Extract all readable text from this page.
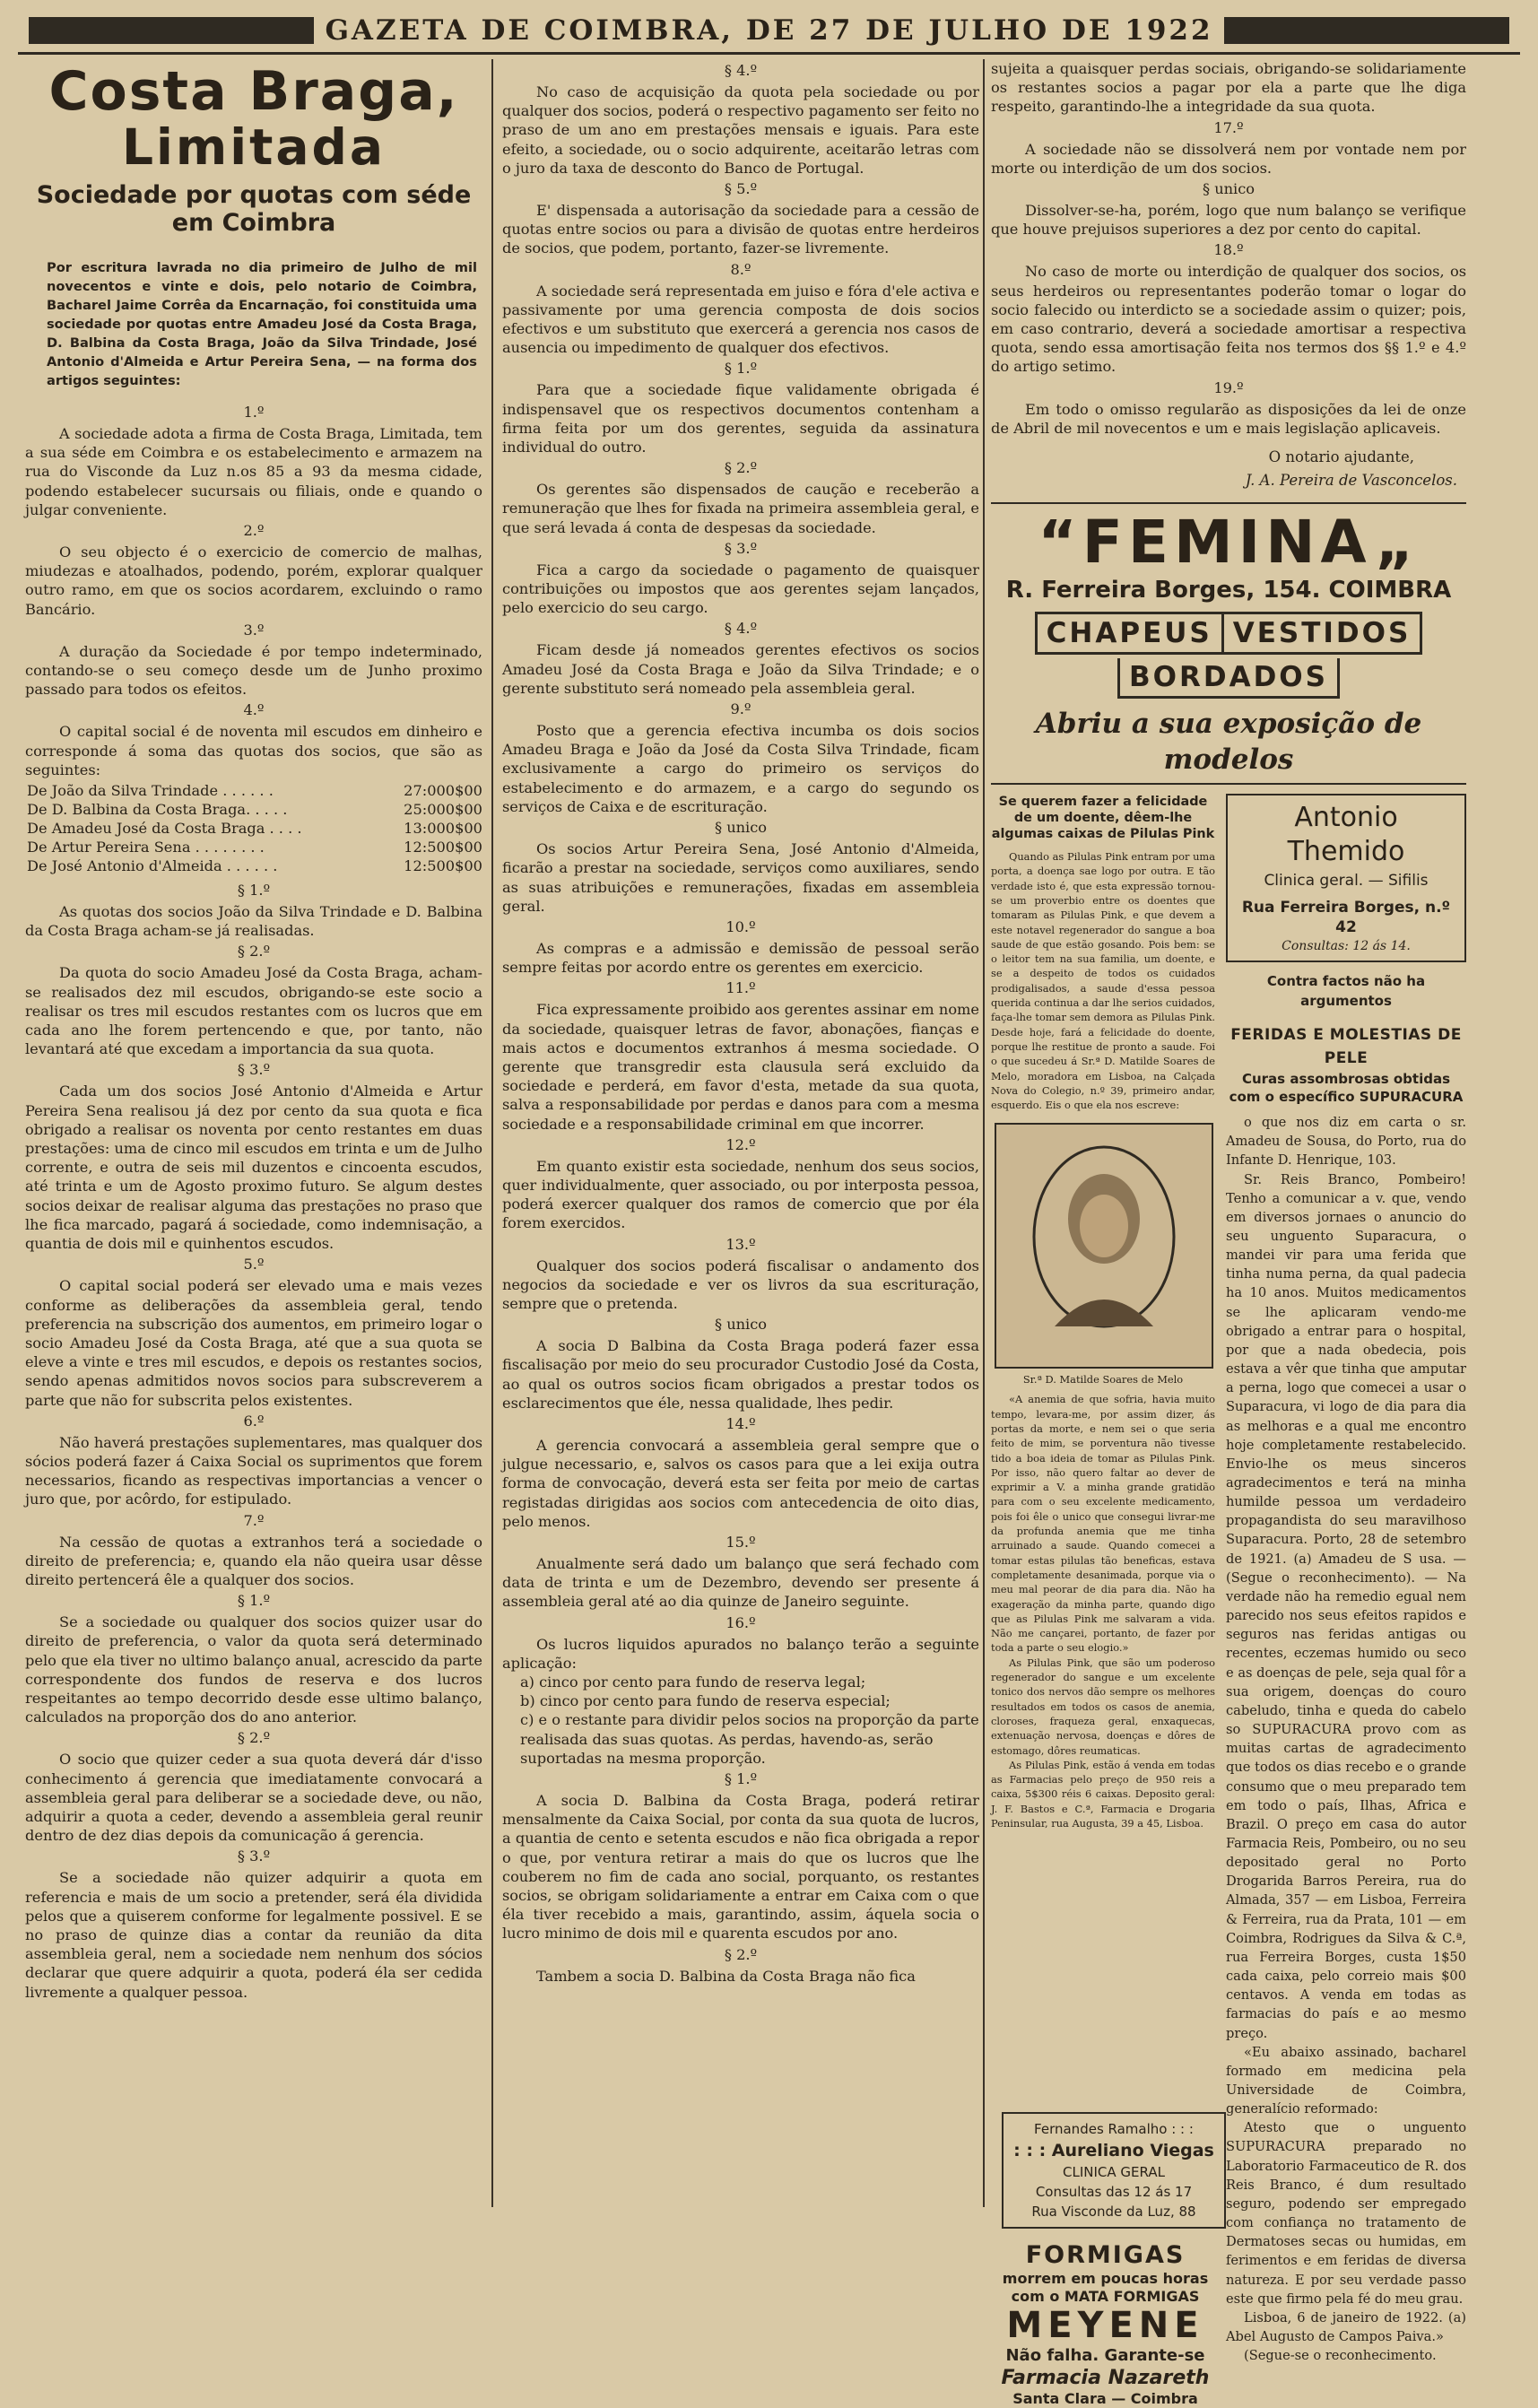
GAZETA DE COIMBRA, DE 27 DE JULHO DE 1922

Costa Braga,

Limitada

Sociedade por quotas com séde

em Coimbra

Por escritura lavrada no dia primeiro de Julho de mil novecentos e vinte e dois, pelo notario de Coimbra, Bacharel Jaime Corrêa da Encarnação, foi constituida uma sociedade por quotas entre Amadeu José da Costa Braga, D. Balbina da Costa Braga, João da Silva Trindade, José Antonio d'Almeida e Artur Pereira Sena, — na forma dos artigos seguintes:

1.º

A sociedade adota a firma de Costa Braga, Limitada, tem a sua séde em Coimbra e os estabelecimento e armazem na rua do Visconde da Luz n.os 85 a 93 da mesma cidade, podendo estabelecer sucursais ou filiais, onde e quando o julgar conveniente.

2.º

O seu objecto é o exercicio de comercio de malhas, miudezas e atoalhados, podendo, porém, explorar qualquer outro ramo, em que os socios acordarem, excluindo o ramo Bancário.

3.º

A duração da Sociedade é por tempo indeterminado, contando-se o seu começo desde um de Junho proximo passado para todos os efeitos.

4.º

O capital social é de noventa mil escudos em dinheiro e corresponde á soma das quotas dos socios, que são as seguintes:

De João da Silva Trindade . . . . . .	27:000$00
De D. Balbina da Costa Braga. . . . .	25:000$00
De Amadeu José da Costa Braga . . . .	13:000$00
De Artur Pereira Sena . . . . . . . .	12:500$00
De José Antonio d'Almeida . . . . . .	12:500$00

§ 1.º

As quotas dos socios João da Silva Trindade e D. Balbina da Costa Braga acham-se já realisadas.

§ 2.º

Da quota do socio Amadeu José da Costa Braga, acham-se realisados dez mil escudos, obrigando-se este socio a realisar os tres mil escudos restantes com os lucros que em cada ano lhe forem pertencendo e que, por tanto, não levantará até que excedam a importancia da sua quota.

§ 3.º

Cada um dos socios José Antonio d'Almeida e Artur Pereira Sena realisou já dez por cento da sua quota e fica obrigado a realisar os noventa por cento restantes em duas prestações: uma de cinco mil escudos em trinta e um de Julho corrente, e outra de seis mil duzentos e cincoenta escudos, até trinta e um de Agosto proximo futuro. Se algum destes socios deixar de realisar alguma das prestações no praso que lhe fica marcado, pagará á sociedade, como indemnisação, a quantia de dois mil e quinhentos escudos.

5.º

O capital social poderá ser elevado uma e mais vezes conforme as deliberações da assembleia geral, tendo preferencia na subscrição dos aumentos, em primeiro logar o socio Amadeu José da Costa Braga, até que a sua quota se eleve a vinte e tres mil escudos, e depois os restantes socios, sendo apenas admitidos novos socios para subscreverem a parte que não for subscrita pelos existentes.

6.º

Não haverá prestações suplementares, mas qualquer dos sócios poderá fazer á Caixa Social os suprimentos que forem necessarios, ficando as respectivas importancias a vencer o juro que, por acôrdo, for estipulado.

7.º

Na cessão de quotas a extranhos terá a sociedade o direito de preferencia; e, quando ela não queira usar dêsse direito pertencerá êle a qualquer dos socios.

§ 1.º

Se a sociedade ou qualquer dos socios quizer usar do direito de preferencia, o valor da quota será determinado pelo que ela tiver no ultimo balanço anual, acrescido da parte correspondente dos fundos de reserva e dos lucros respeitantes ao tempo decorrido desde esse ultimo balanço, calculados na proporção dos do ano anterior.

§ 2.º

O socio que quizer ceder a sua quota deverá dár d'isso conhecimento á gerencia que imediatamente convocará a assembleia geral para deliberar se a sociedade deve, ou não, adquirir a quota a ceder, devendo a assembleia geral reunir dentro de dez dias depois da comunicação á gerencia.

§ 3.º

Se a sociedade não quizer adquirir a quota em referencia e mais de um socio a pretender, será éla dividida pelos que a quiserem conforme for legalmente possivel. E se no praso de quinze dias a contar da reunião da dita assembleia geral, nem a sociedade nem nenhum dos sócios declarar que quere adquirir a quota, poderá éla ser cedida livremente a qualquer pessoa.

§ 4.º

No caso de acquisição da quota pela sociedade ou por qualquer dos socios, poderá o respectivo pagamento ser feito no praso de um ano em prestações mensais e iguais. Para este efeito, a sociedade, ou o socio adquirente, aceitarão letras com o juro da taxa de desconto do Banco de Portugal.

§ 5.º

E' dispensada a autorisação da sociedade para a cessão de quotas entre socios ou para a divisão de quotas entre herdeiros de socios, que podem, portanto, fazer-se livremente.

8.º

A sociedade será representada em juiso e fóra d'ele activa e passivamente por uma gerencia composta de dois socios efectivos e um substituto que exercerá a gerencia nos casos de ausencia ou impedimento de qualquer dos efectivos.

§ 1.º

Para que a sociedade fique validamente obrigada é indispensavel que os respectivos documentos contenham a firma feita por um dos gerentes, seguida da assinatura individual do outro.

§ 2.º

Os gerentes são dispensados de caução e receberão a remuneração que lhes for fixada na primeira assembleia geral, e que será levada á conta de despesas da sociedade.

§ 3.º

Fica a cargo da sociedade o pagamento de quaisquer contribuições ou impostos que aos gerentes sejam lançados, pelo exercicio do seu cargo.

§ 4.º

Ficam desde já nomeados gerentes efectivos os socios Amadeu José da Costa Braga e João da Silva Trindade; e o gerente substituto será nomeado pela assembleia geral.

9.º

Posto que a gerencia efectiva incumba os dois socios Amadeu Braga e João da José da Costa Silva Trindade, ficam exclusivamente a cargo do primeiro os serviços do estabelecimento e do armazem, e a cargo do segundo os serviços de Caixa e de escrituração.

§ unico

Os socios Artur Pereira Sena, José Antonio d'Almeida, ficarão a prestar na sociedade, serviços como auxiliares, sendo as suas atribuições e remunerações, fixadas em assembleia geral.

10.º

As compras e a admissão e demissão de pessoal serão sempre feitas por acordo entre os gerentes em exercicio.

11.º

Fica expressamente proibido aos gerentes assinar em nome da sociedade, quaisquer letras de favor, abonações, fianças e mais actos e documentos extranhos á mesma sociedade. O gerente que transgredir esta clausula será excluido da sociedade e perderá, em favor d'esta, metade da sua quota, salva a responsabilidade por perdas e danos para com a mesma sociedade e a responsabilidade criminal em que incorrer.

12.º

Em quanto existir esta sociedade, nenhum dos seus socios, quer individualmente, quer associado, ou por interposta pessoa, poderá exercer qualquer dos ramos de comercio que por éla forem exercidos.

13.º

Qualquer dos socios poderá fiscalisar o andamento dos negocios da sociedade e ver os livros da sua escrituração, sempre que o pretenda.

§ unico

A socia D Balbina da Costa Braga poderá fazer essa fiscalisação por meio do seu procurador Custodio José da Costa, ao qual os outros socios ficam obrigados a prestar todos os esclarecimentos que éle, nessa qualidade, lhes pedir.

14.º

A gerencia convocará a assembleia geral sempre que o julgue necessario, e, salvos os casos para que a lei exija outra forma de convocação, deverá esta ser feita por meio de cartas registadas dirigidas aos socios com antecedencia de oito dias, pelo menos.

15.º

Anualmente será dado um balanço que será fechado com data de trinta e um de Dezembro, devendo ser presente á assembleia geral até ao dia quinze de Janeiro seguinte.

16.º

Os lucros liquidos apurados no balanço terão a seguinte aplicação:

a) cinco por cento para fundo de reserva legal;

b) cinco por cento para fundo de reserva especial;

c) e o restante para dividir pelos socios na proporção da parte realisada das suas quotas. As perdas, havendo-as, serão suportadas na mesma proporção.

§ 1.º

A socia D. Balbina da Costa Braga, poderá retirar mensalmente da Caixa Social, por conta da sua quota de lucros, a quantia de cento e setenta escudos e não fica obrigada a repor o que, por ventura retirar a mais do que os lucros que lhe couberem no fim de cada ano social, porquanto, os restantes socios, se obrigam solidariamente a entrar em Caixa com o que éla tiver recebido a mais, garantindo, assim, áquela socia o lucro minimo de dois mil e quarenta escudos por ano.

§ 2.º

Tambem a socia D. Balbina da Costa Braga não fica

sujeita a quaisquer perdas sociais, obrigando-se solidariamente os restantes socios a pagar por ela a parte que lhe diga respeito, garantindo-lhe a integridade da sua quota.

17.º

A sociedade não se dissolverá nem por vontade nem por morte ou interdição de um dos socios.

§ unico

Dissolver-se-ha, porém, logo que num balanço se verifique que houve prejuisos superiores a dez por cento do capital.

18.º

No caso de morte ou interdição de qualquer dos socios, os seus herdeiros ou representantes poderão tomar o logar do socio falecido ou interdicto se a sociedade assim o quizer; pois, em caso contrario, deverá a sociedade amortisar a respectiva quota, sendo essa amortisação feita nos termos dos §§ 1.º e 4.º do artigo setimo.

19.º

Em todo o omisso regularão as disposições da lei de onze de Abril de mil novecentos e um e mais legislação aplicaveis.

O notario ajudante,

J. A. Pereira de Vasconcelos.

“FEMINA„

R. Ferreira Borges, 154. COIMBRA

CHAPEUS VESTIDOS
BORDADOS

Abriu a sua exposição de modelos

Se querem fazer a felicidade de um doente, dêem-lhe algumas caixas de Pilulas Pink

Quando as Pilulas Pink entram por uma porta, a doença sae logo por outra. E tão verdade isto é, que esta expressão tornou-se um proverbio entre os doentes que tomaram as Pilulas Pink, e que devem a este notavel regenerador do sangue a boa saude de que estão gosando. Pois bem: se o leitor tem na sua familia, um doente, e se a despeito de todos os cuidados prodigalisados, a saude d'essa pessoa querida continua a dar lhe serios cuidados, faça-lhe tomar sem demora as Pilulas Pink. Desde hoje, fará a felicidade do doente, porque lhe restitue de pronto a saude. Foi o que sucedeu á Sr.ª D. Matilde Soares de Melo, moradora em Lisboa, na Calçada Nova do Colegio, n.º 39, primeiro andar, esquerdo. Eis o que ela nos escreve:

Sr.ª D. Matilde Soares de Melo

«A anemia de que sofria, havia muito tempo, levara-me, por assim dizer, ás portas da morte, e nem sei o que seria feito de mim, se porventura não tivesse tido a boa ideia de tomar as Pilulas Pink. Por isso, não quero faltar ao dever de exprimir a V. a minha grande gratidão para com o seu excelente medicamento, pois foi êle o unico que consegui livrar-me da profunda anemia que me tinha arruinado a saude. Quando comecei a tomar estas pilulas tão beneficas, estava completamente desanimada, porque via o meu mal peorar de dia para dia. Não ha exageração da minha parte, quando digo que as Pilulas Pink me salvaram a vida. Não me cançarei, portanto, de fazer por toda a parte o seu elogio.»

As Pilulas Pink, que são um poderoso regenerador do sangue e um excelente tonico dos nervos dão sempre os melhores resultados em todos os casos de anemia, cloroses, fraqueza geral, enxaquecas, extenuação nervosa, doenças e dôres de estomago, dôres reumaticas.

As Pilulas Pink, estão á venda em todas as Farmacias pelo preço de 950 reis a caixa, 5$300 réis 6 caixas. Deposito geral: J. F. Bastos e C.ª, Farmacia e Drogaria Peninsular, rua Augusta, 39 a 45, Lisboa.

Fernandes Ramalho : : :

: : : Aureliano Viegas

CLINICA GERAL

Consultas das 12 ás 17

Rua Visconde da Luz, 88

FORMIGAS

morrem em poucas horas com o MATA FORMIGAS

MEYENE

Não falha. Garante-se

Farmacia Nazareth

Santa Clara — Coimbra

Antonio Themido

Clinica geral. — Sifilis

Rua Ferreira Borges, n.º 42

Consultas: 12 ás 14.

Contra factos não ha argumentos

FERIDAS E MOLESTIAS DE PELE

Curas assombrosas obtidas com o específico SUPURACURA

o que nos diz em carta o sr. Amadeu de Sousa, do Porto, rua do Infante D. Henrique, 103.

Sr. Reis Branco, Pombeiro! Tenho a comunicar a v. que, vendo em diversos jornaes o anuncio do seu unguento Suparacura, o mandei vir para uma ferida que tinha numa perna, da qual padecia ha 10 anos. Muitos medicamentos se lhe aplicaram vendo-me obrigado a entrar para o hospital, por que a nada obedecia, pois estava a vêr que tinha que amputar a perna, logo que comecei a usar o Suparacura, vi logo de dia para dia as melhoras e a qual me encontro hoje completamente restabelecido. Envio-lhe os meus sinceros agradecimentos e terá na minha humilde pessoa um verdadeiro propagandista do seu maravilhoso Suparacura. Porto, 28 de setembro de 1921. (a) Amadeu de S usa. — (Segue o reconhecimento). — Na verdade não ha remedio egual nem parecido nos seus efeitos rapidos e seguros nas feridas antigas ou recentes, eczemas humido ou seco e as doenças de pele, seja qual fôr a sua origem, doenças do couro cabeludo, tinha e queda do cabelo so SUPURACURA provo com as muitas cartas de agradecimento que todos os dias recebo e o grande consumo que o meu preparado tem em todo o país, Ilhas, Africa e Brazil. O preço em casa do autor Farmacia Reis, Pombeiro, ou no seu depositado geral no Porto Drogarida Barros Pereira, rua do Almada, 357 — em Lisboa, Ferreira & Ferreira, rua da Prata, 101 — em Coimbra, Rodrigues da Silva & C.ª, rua Ferreira Borges, custa 1$50 cada caixa, pelo correio mais $00 centavos. A venda em todas as farmacias do país e ao mesmo preço.

«Eu abaixo assinado, bacharel formado em medicina pela Universidade de Coimbra, generalício reformado:

Atesto que o unguento SUPURACURA preparado no Laboratorio Farmaceutico de R. dos Reis Branco, é dum resultado seguro, podendo ser empregado com confiança no tratamento de Dermatoses secas ou humidas, em ferimentos e em feridas de diversa natureza. E por seu verdade passo este que firmo pela fé do meu grau.

Lisboa, 6 de janeiro de 1922. (a) Abel Augusto de Campos Paiva.»

(Segue-se o reconhecimento.
